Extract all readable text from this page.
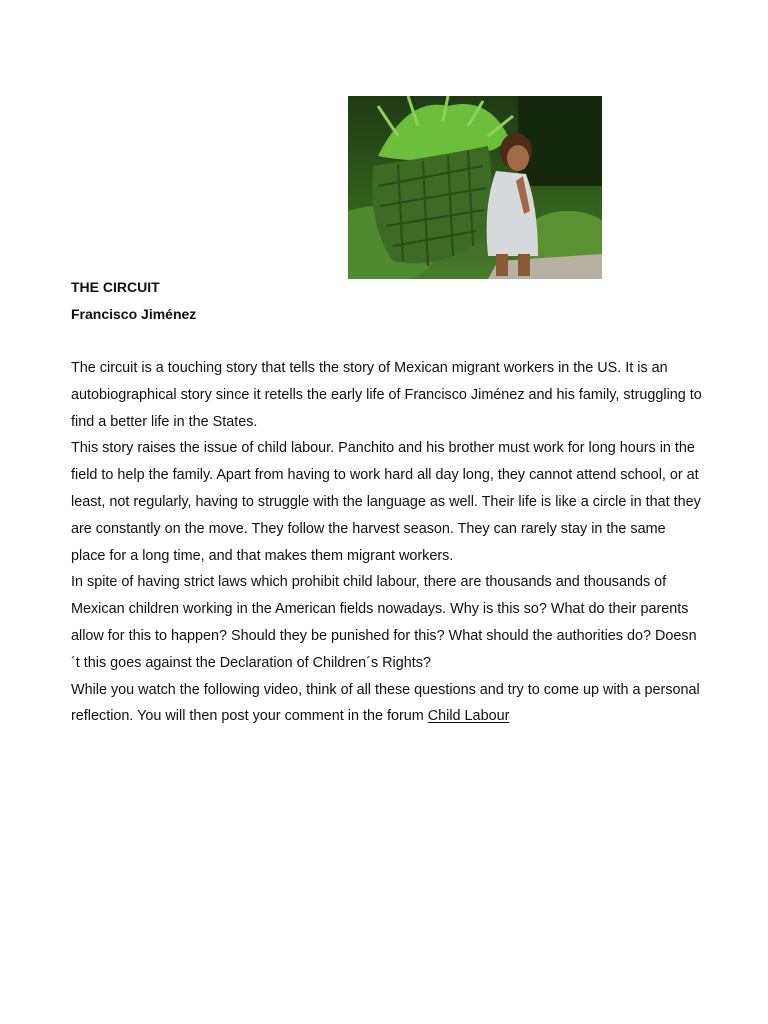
THE CIRCUIT
Francisco Jiménez

The circuit is a touching story that tells the story of Mexican migrant workers in the US. It is an autobiographical story since it retells the early life of Francisco Jiménez and his family, struggling to find a better life in the States.

This story raises the issue of child labour. Panchito and his brother must work for long hours in the field to help the family. Apart from having to work hard all day long, they cannot attend school, or at least, not regularly, having to struggle with the language as well. Their life is like a circle in that they are constantly on the move. They follow the harvest season. They can rarely stay in the same place for a long time, and that makes them migrant workers.

In spite of having strict laws which prohibit child labour, there are thousands and thousands of Mexican children working in the American fields nowadays. Why is this so? What do their parents allow for this to happen? Should they be punished for this? What should the authorities do? Doesn´t this goes against the Declaration of Children´s Rights?

While you watch the following video, think of all these questions and try to come up with a personal reflection. You will then post your comment in the forum Child Labour
